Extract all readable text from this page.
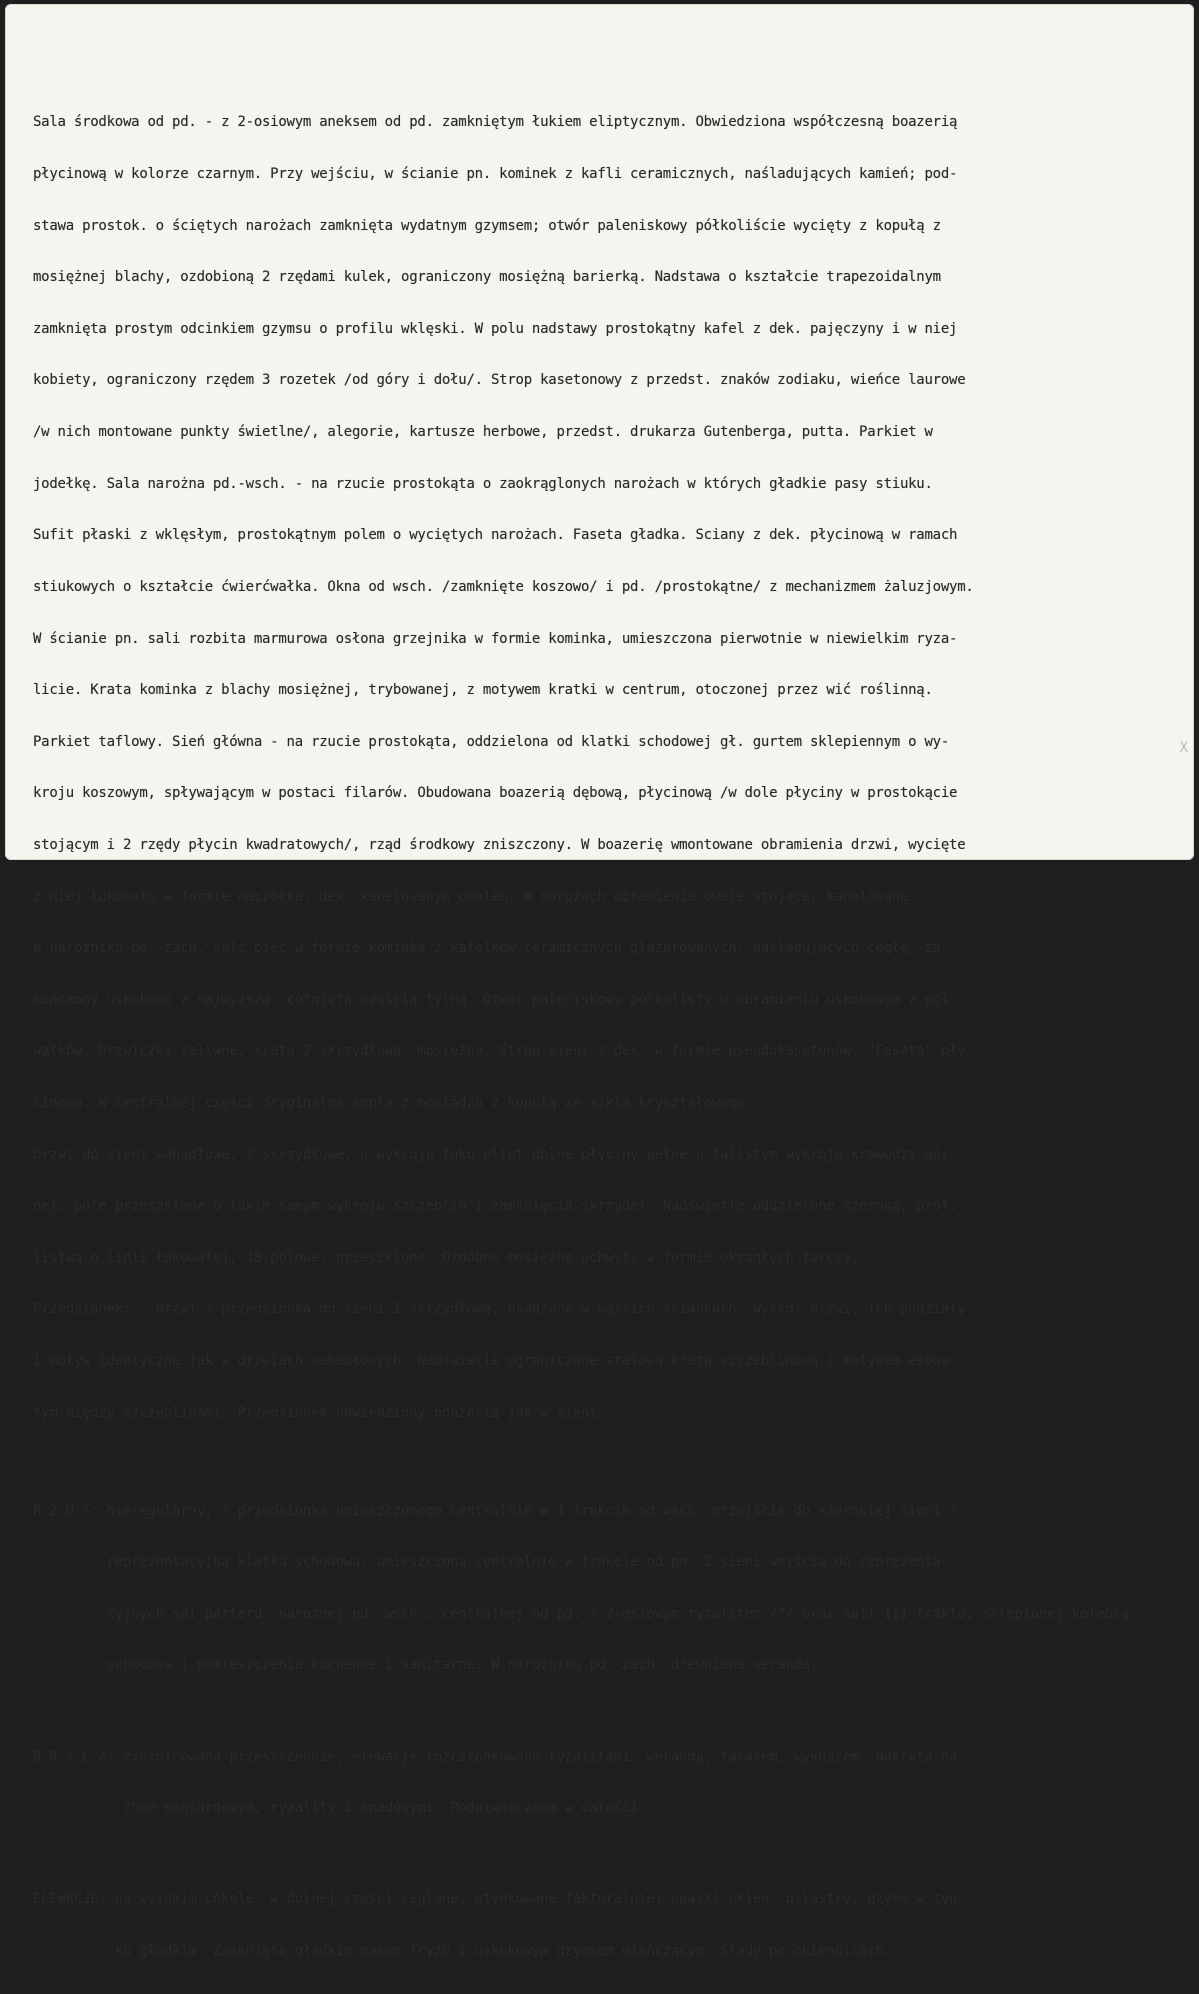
Sala środkowa od pd. - z 2-osiowym aneksem od pd. zamkniętym łukiem eliptycznym. Obwiedziona współczesną boazerią

płycinową w kolorze czarnym. Przy wejściu, w ścianie pn. kominek z kafli ceramicznych, naśladujących kamień; pod-

stawa prostok. o ściętych narożach zamknięta wydatnym gzymsem; otwór paleniskowy półkoliście wycięty z kopułą z

mosiężnej blachy, ozdobioną 2 rzędami kulek, ograniczony mosiężną barierką. Nadstawa o kształcie trapezoidalnym

zamknięta prostym odcinkiem gzymsu o profilu wklęski. W polu nadstawy prostokątny kafel z dek. pajęczyny i w niej

kobiety, ograniczony rzędem 3 rozetek /od góry i dołu/. Strop kasetonowy z przedst. znaków zodiaku, wieńce laurowe

/w nich montowane punkty świetlne/, alegorie, kartusze herbowe, przedst. drukarza Gutenberga, putta. Parkiet w

jodełkę. Sala narożna pd.-wsch. - na rzucie prostokąta o zaokrąglonych narożach w których gładkie pasy stiuku.

Sufit płaski z wklęsłym, prostokątnym polem o wyciętych narożach. Faseta gładka. Sciany z dek. płycinową w ramach

stiukowych o kształcie ćwierćwałka. Okna od wsch. /zamknięte koszowo/ i pd. /prostokątne/ z mechanizmem żaluzjowym.

W ścianie pn. sali rozbita marmurowa osłona grzejnika w formie kominka, umieszczona pierwotnie w niewielkim ryza-

licie. Krata kominka z blachy mosiężnej, trybowanej, z motywem kratki w centrum, otoczonej przez wić roślinną.

Parkiet taflowy. Sień główna - na rzucie prostokąta, oddzielona od klatki schodowej gł. gurtem sklepiennym o wy-

kroju koszowym, spływającym w postaci filarów. Obudowana boazerią dębową, płycinową /w dole płyciny w prostokącie

stojącym i 2 rzędy płycin kwadratowych/, rząd środkowy zniszczony. W boazerię wmontowane obramienia drzwi, wycięte

z niej łukowato w formie naczółka, dek. kanelowanym owalem. W narożach obramienia owale stojące, kanelowane.

W narożniku pd.-zach. sali piec w formie kominka z kafelków ceramicznych glazurowanych, naśladujących cegłę, za-

kończony uskokowo z najwyższą, cofniętą częścią tylną. Otwór paleniskowy półkolisty w obramieniu uskokowym z pół-

wałków. Drzwiczki żeliwne, krata 2-skrzydłowa, mosiężna. Strop sieni z dek. w formie pseudokasetonów. "Faseta" pły-

cinowa. W centralnej części oryginalna ampla z mosiądzu z kopułą ze szkła kryształowego.

Drzwi do sieni wahadłowe, 2-skrzydłowe, o wykroju łuku elipt.dolne płyciny pełne o falistym wykroju krawędzi gór-

nej; pole przeszklone o takim samym wykroju szczeblin i zamknięcia skrzydeł. Nadświetle oddzielone szeroką, prof.

listwą o linii łukowatej, 18-polowe, przeszklone. Ozdobne mosiężne uchwyty w formie okrągłych tarczy.

Przedsionek: - drzwi z przedsionka do sieni 1-skrzydłowe, osadzone w wąskich ściankach. Wykrój drzwi, ich podziały

i motyw identyczne jak w drzwiach wahadłowych. Nadświetle ograniczone stalową kratą szczeblinową z motywem esowa-

tym między szczeblinami. Przedsionek obwiedziony boazerią jak w sieni.

R Z U T: nieregularny; z przedsionka umieszczonego centralnie w I trakcie od wsch. przejście do szerokiej sieni z

reprezentacyjną klatką schodową, umieszczoną centralnie w trakcie od pn. Z sieni wejścia do reprezenta-

cyjnych sal parteru: narożnej pd.-wsch., centralnej od pd. z 2-osiowym ryzalitem /?/ oraz sali III traktu, sklepionej kolebką.

schodowa i pomieszczenia kuchenne i sanitarne. W narożniku pd.-zach. drewniana weranda.

B R Y Ł A: zróżnicowana przestrzennie, elewacje rozczłonkowane ryzalitami, werandą, tarasem, wykuszem. Nakryta da-

chem mansardowym, ryzality 2-spadowymi. Podpiwniczona w całości.

ELEWACJE: na wysokim cokole, w dolnej części ceglane, otynkowane fakturalnie; opaski okien, pilastry, gzyms w tyn-

ku gładkim. Zamknięte gładkim pasem fryzu i uskokowym gzymsem wieńczącym. Ślady po okiennicach.

X
